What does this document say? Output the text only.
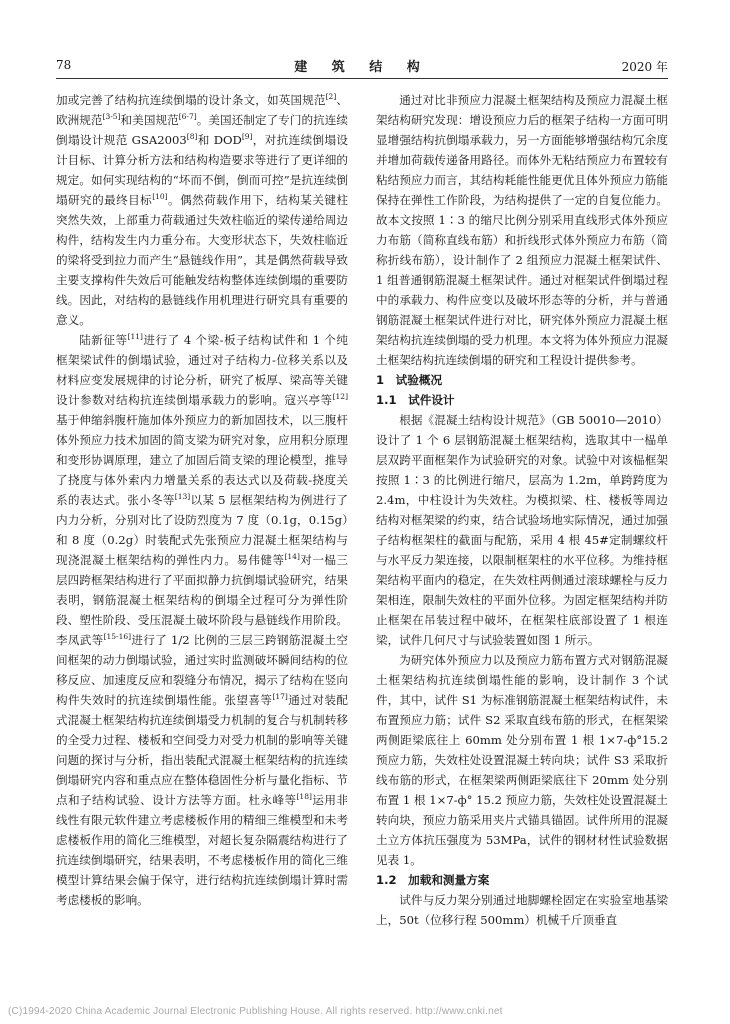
78	建 筑 结 构	2020 年

加或完善了结构抗连续倒塌的设计条文，如英国规范[2]、欧洲规范[3-5]和美国规范[6-7]。美国还制定了专门的抗连续倒塌设计规范 GSA2003[8]和 DOD[9]，对抗连续倒塌设计目标、计算分析方法和结构构造要求等进行了更详细的规定。如何实现结构的“坏而不倒，倒而可控”是抗连续倒塌研究的最终目标[10]。偶然荷载作用下，结构某关键柱突然失效，上部重力荷载通过失效柱临近的梁传递给周边构件，结构发生内力重分布。大变形状态下，失效柱临近的梁将受到拉力而产生“悬链线作用”，其是偶然荷载导致主要支撑构件失效后可能触发结构整体连续倒塌的重要防线。因此，对结构的悬链线作用机理进行研究具有重要的意义。

陆新征等[11]进行了 4 个梁-板子结构试件和 1 个纯框架梁试件的倒塌试验，通过对子结构力-位移关系以及材料应变发展规律的讨论分析，研究了板厚、梁高等关键设计参数对结构抗连续倒塌承载力的影响。寇兴亭等[12]基于伸缩斜腹杆施加体外预应力的新加固技术，以三腹杆体外预应力技术加固的简支梁为研究对象，应用积分原理和变形协调原理，建立了加固后简支梁的理论模型，推导了挠度与体外索内力增量关系的表达式以及荷载-挠度关系的表达式。张小冬等[13]以某 5 层框架结构为例进行了内力分析，分别对比了设防烈度为 7 度（0.1g，0.15g）和 8 度（0.2g）时装配式先张预应力混凝土框架结构与现浇混凝土框架结构的弹性内力。易伟健等[14]对一榀三层四跨框架结构进行了平面拟静力抗倒塌试验研究，结果表明，钢筋混凝土框架结构的倒塌全过程可分为弹性阶段、塑性阶段、受压混凝土破坏阶段与悬链线作用阶段。李凤武等[15-16]进行了 1/2 比例的三层三跨钢筋混凝土空间框架的动力倒塌试验，通过实时监测破坏瞬间结构的位移反应、加速度反应和裂缝分布情况，揭示了结构在竖向构件失效时的抗连续倒塌性能。张望喜等[17]通过对装配式混凝土框架结构抗连续倒塌受力机制的复合与机制转移的全受力过程、楼板和空间受力对受力机制的影响等关键问题的探讨与分析，指出装配式混凝土框架结构的抗连续倒塌研究内容和重点应在整体稳固性分析与量化指标、节点和子结构试验、设计方法等方面。杜永峰等[18]运用非线性有限元软件建立考虑楼板作用的精细三维模型和未考虑楼板作用的简化三维模型，对超长复杂隔震结构进行了抗连续倒塌研究，结果表明，不考虑楼板作用的简化三维模型计算结果会偏于保守，进行结构抗连续倒塌计算时需考虑楼板的影响。

通过对比非预应力混凝土框架结构及预应力混凝土框架结构研究发现：增设预应力后的框架子结构一方面可明显增强结构抗倒塌承载力，另一方面能够增强结构冗余度并增加荷载传递备用路径。而体外无粘结预应力布置较有粘结预应力而言，其结构耗能性能更优且体外预应力筋能保持在弹性工作阶段，为结构提供了一定的自复位能力。故本文按照 1∶3 的缩尺比例分别采用直线形式体外预应力布筋（简称直线布筋）和折线形式体外预应力布筋（简称折线布筋），设计制作了 2 组预应力混凝土框架试件、1 组普通钢筋混凝土框架试件。通过对框架试件倒塌过程中的承载力、构件应变以及破坏形态等的分析，并与普通钢筋混凝土框架试件进行对比，研究体外预应力混凝土框架结构抗连续倒塌的受力机理。本文将为体外预应力混凝土框架结构抗连续倒塌的研究和工程设计提供参考。

1　试验概况

1.1　试件设计

根据《混凝土结构设计规范》（GB 50010—2010）设计了 1 个 6 层钢筋混凝土框架结构，选取其中一榀单层双跨平面框架作为试验研究的对象。试验中对该榀框架按照 1∶3 的比例进行缩尺，层高为 1.2m，单跨跨度为 2.4m，中柱设计为失效柱。为模拟梁、柱、楼板等周边结构对框架梁的约束，结合试验场地实际情况，通过加强子结构框架柱的截面与配筋，采用 4 根 45#定制螺纹杆与水平反力架连接，以限制框架柱的水平位移。为维持框架结构平面内的稳定，在失效柱两侧通过滚球螺栓与反力架相连，限制失效柱的平面外位移。为固定框架结构并防止框架在吊装过程中破坏，在框架柱底部设置了 1 根连梁，试件几何尺寸与试验装置如图 1 所示。

为研究体外预应力以及预应力筋布置方式对钢筋混凝土框架结构抗连续倒塌性能的影响，设计制作 3 个试件，其中，试件 S1 为标准钢筋混凝土框架结构试件，未布置预应力筋；试件 S2 采取直线布筋的形式，在框架梁两侧距梁底往上 60mm 处分别布置 1 根 1×7-ф°15.2 预应力筋，失效柱处设置混凝土转向块；试件 S3 采取折线布筋的形式，在框架梁两侧距梁底往下 20mm 处分别布置 1 根 1×7-ф° 15.2 预应力筋，失效柱处设置混凝土转向块，预应力筋采用夹片式锚具锚固。试件所用的混凝土立方体抗压强度为 53MPa，试件的钢材材性试验数据见表 1。

1.2　加载和测量方案

试件与反力架分别通过地脚螺栓固定在实验室地基梁上，50t（位移行程 500mm）机械千斤顶垂直

(C)1994-2020 China Academic Journal Electronic Publishing House. All rights reserved. http://www.cnki.net
